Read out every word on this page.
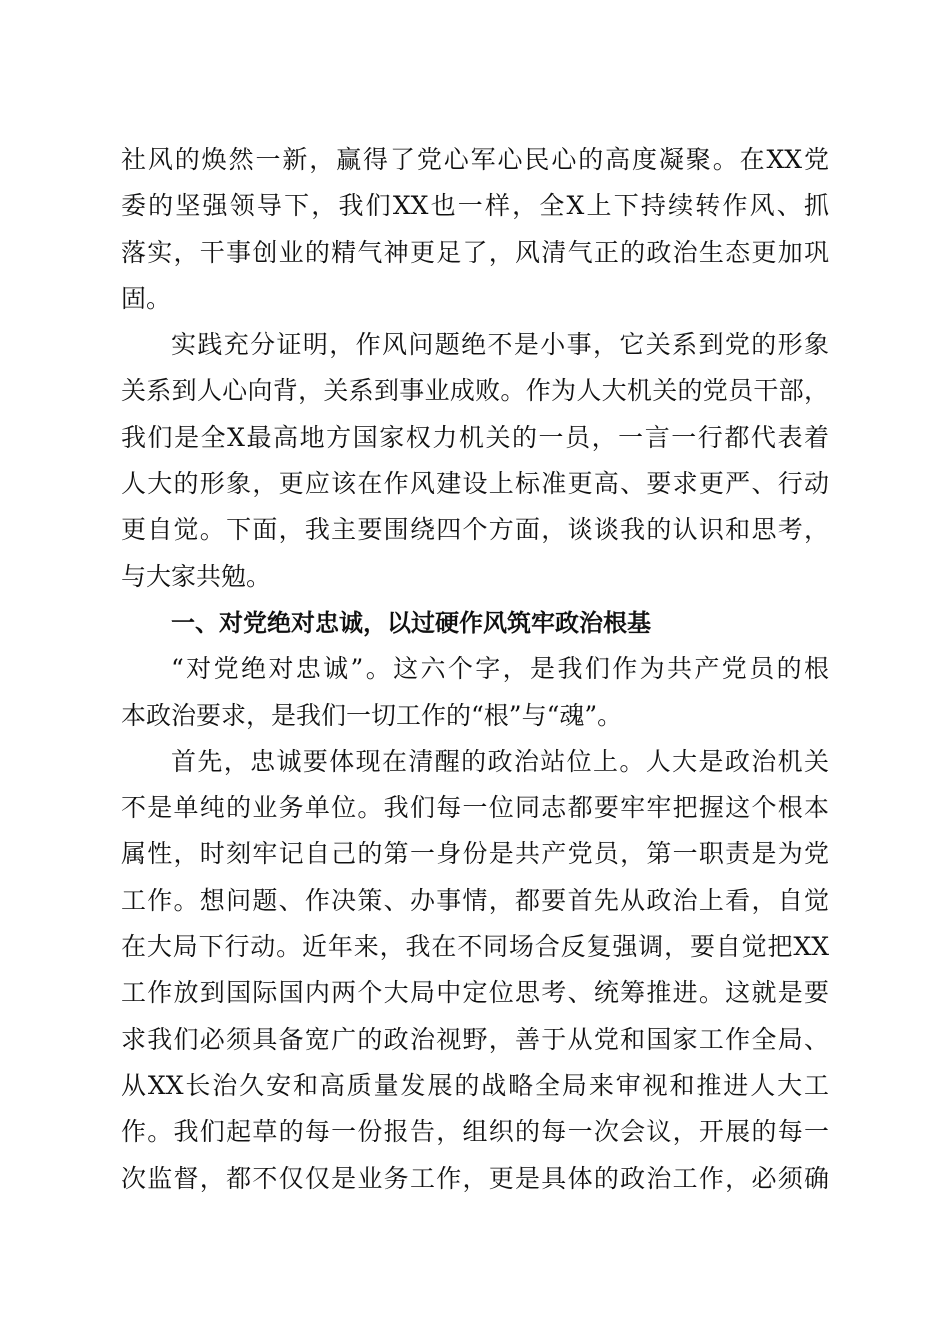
社风的焕然一新，赢得了党心军心民心的高度凝聚。在XX党
委的坚强领导下，我们XX也一样，全X上下持续转作风、抓
落实，干事创业的精气神更足了，风清气正的政治生态更加巩
固。
实践充分证明，作风问题绝不是小事，它关系到党的形象
关系到人心向背，关系到事业成败。作为人大机关的党员干部，
我们是全X最高地方国家权力机关的一员，一言一行都代表着
人大的形象，更应该在作风建设上标准更高、要求更严、行动
更自觉。下面，我主要围绕四个方面，谈谈我的认识和思考，
与大家共勉。
一、对党绝对忠诚，以过硬作风筑牢政治根基
“对党绝对忠诚”。这六个字，是我们作为共产党员的根
本政治要求，是我们一切工作的“根”与“魂”。
首先，忠诚要体现在清醒的政治站位上。人大是政治机关
不是单纯的业务单位。我们每一位同志都要牢牢把握这个根本
属性，时刻牢记自己的第一身份是共产党员，第一职责是为党
工作。想问题、作决策、办事情，都要首先从政治上看，自觉
在大局下行动。近年来，我在不同场合反复强调，要自觉把XX
工作放到国际国内两个大局中定位思考、统筹推进。这就是要
求我们必须具备宽广的政治视野，善于从党和国家工作全局、
从XX长治久安和高质量发展的战略全局来审视和推进人大工
作。我们起草的每一份报告，组织的每一次会议，开展的每一
次监督，都不仅仅是业务工作，更是具体的政治工作，必须确
